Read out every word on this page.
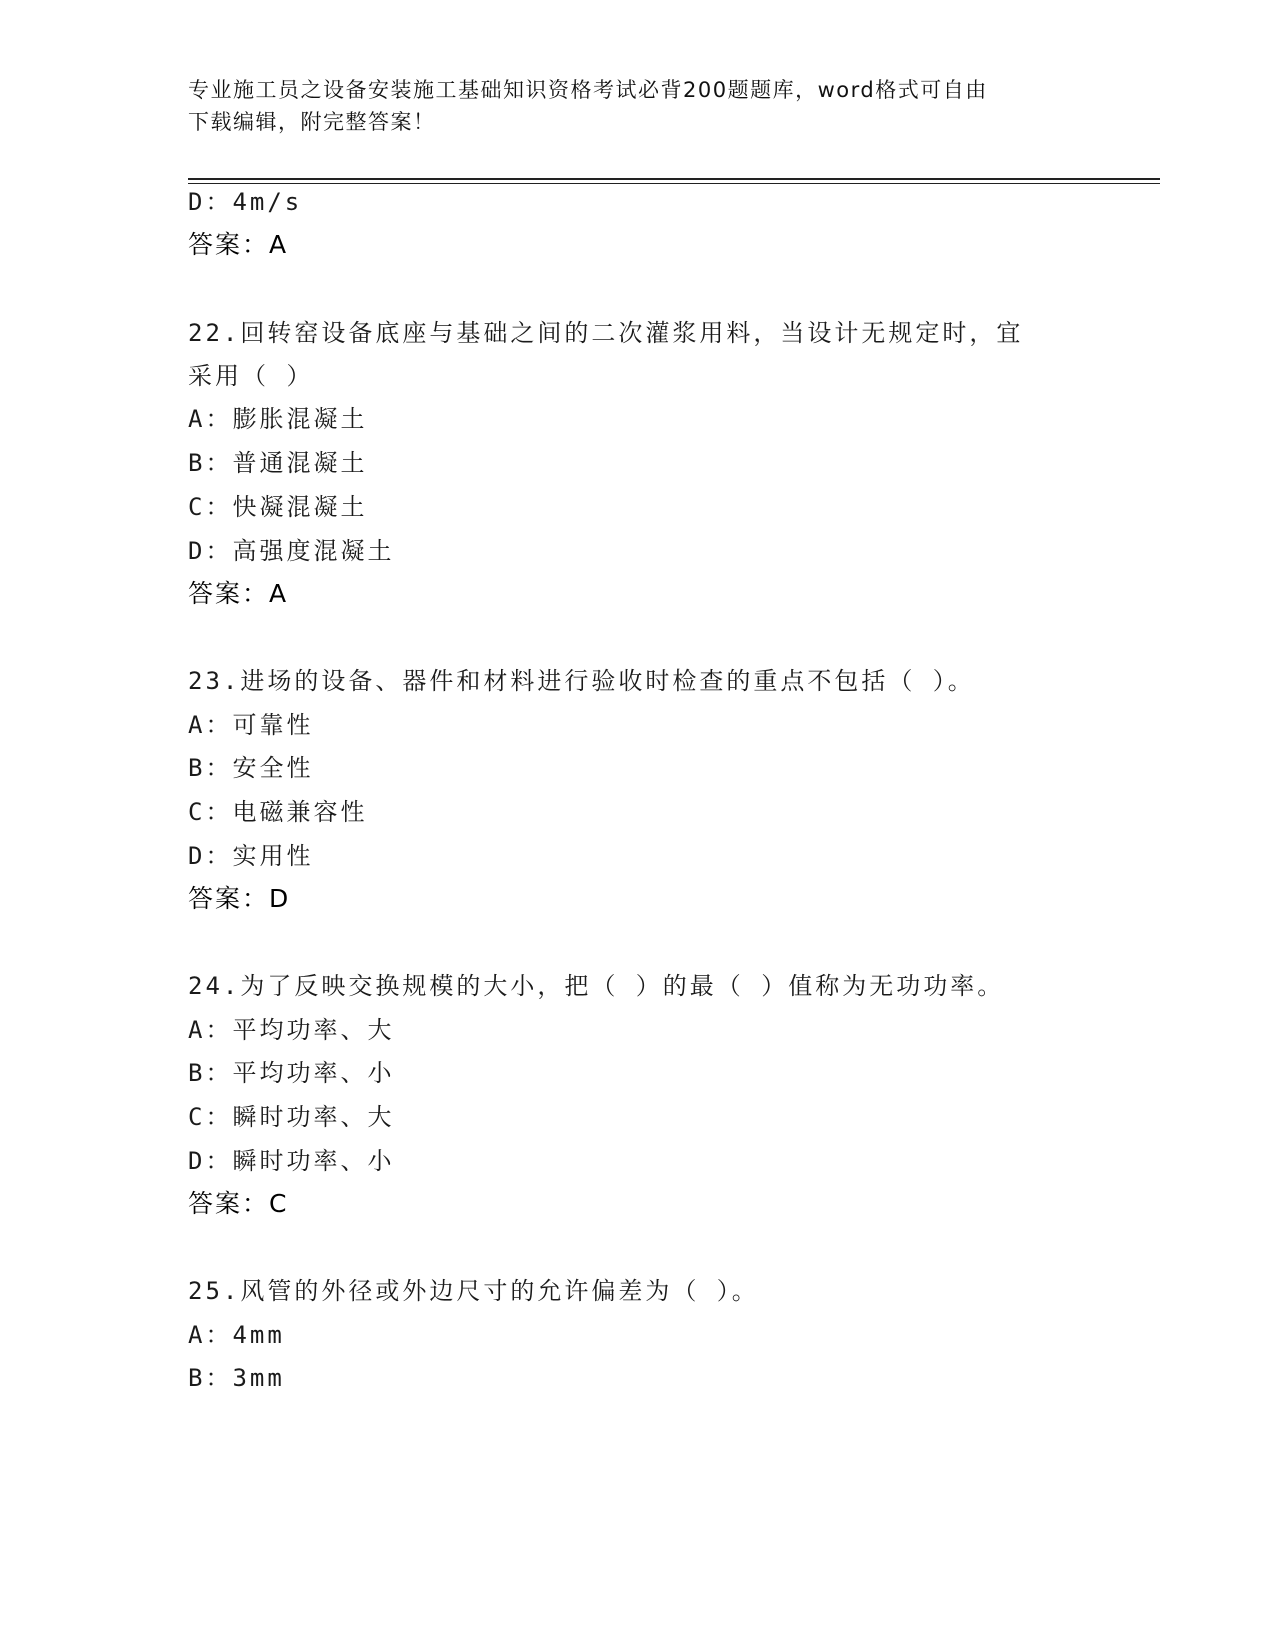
专业施工员之设备安装施工基础知识资格考试必背200题题库，word格式可自由
下载编辑，附完整答案！
D：4m/s
答案：A
22.回转窑设备底座与基础之间的二次灌浆用料，当设计无规定时，宜
采用（ ）
A：膨胀混凝土
B：普通混凝土
C：快凝混凝土
D：高强度混凝土
答案：A
23.进场的设备、器件和材料进行验收时检查的重点不包括（ ）。
A：可靠性
B：安全性
C：电磁兼容性
D：实用性
答案：D
24.为了反映交换规模的大小，把（ ）的最（ ）值称为无功功率。
A：平均功率、大
B：平均功率、小
C：瞬时功率、大
D：瞬时功率、小
答案：C
25.风管的外径或外边尺寸的允许偏差为（ ）。
A：4mm
B：3mm
